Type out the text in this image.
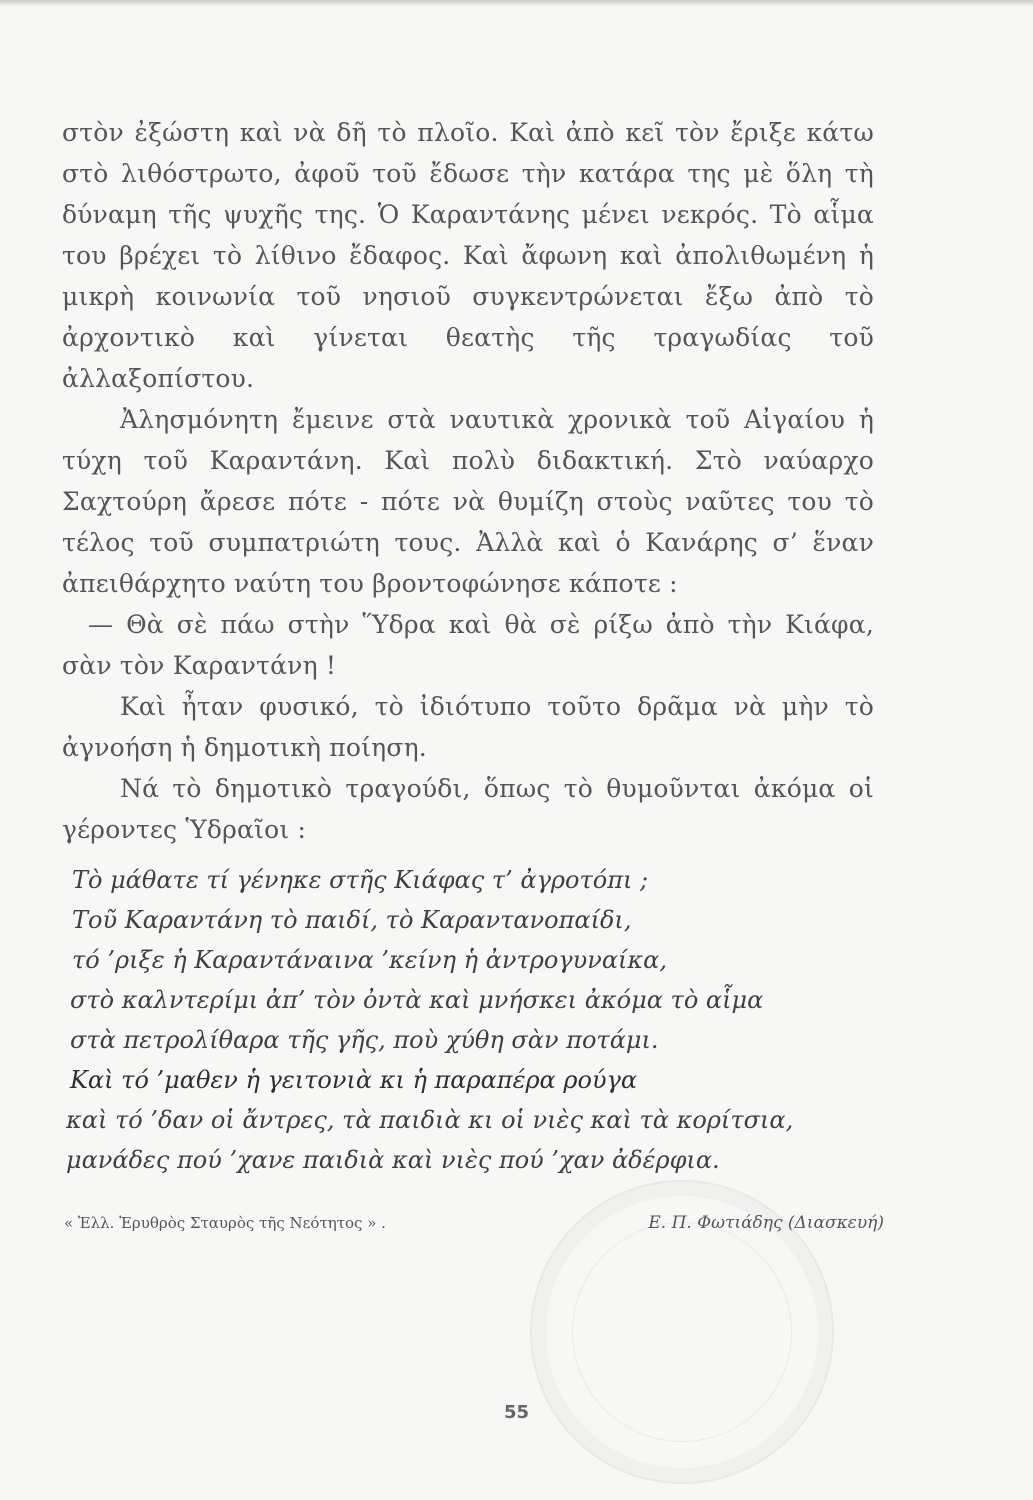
στὸν ἐξώστη καὶ νὰ δῆ τὸ πλοῖο. Καὶ ἀπὸ κεῖ τὸν ἔριξε κάτω στὸ λιθόστρωτο, ἀφοῦ τοῦ ἔδωσε τὴν κατάρα της μὲ ὅλη τὴ δύναμη τῆς ψυχῆς της. Ὁ Καραντάνης μένει νεκρός. Τὸ αἷμα του βρέχει τὸ λίθινο ἔδαφος. Καὶ ἄφωνη καὶ ἀπολιθωμένη ἡ μικρὴ κοινωνία τοῦ νησιοῦ συγκεντρώνεται ἔξω ἀπὸ τὸ ἀρχοντικὸ καὶ γίνεται θεατὴς τῆς τραγωδίας τοῦ ἀλλαξοπίστου.

Ἀλησμόνητη ἔμεινε στὰ ναυτικὰ χρονικὰ τοῦ Αἰγαίου ἡ τύχη τοῦ Καραντάνη. Καὶ πολὺ διδακτική. Στὸ ναύαρχο Σαχτούρη ἄρεσε πότε - πότε νὰ θυμίζη στοὺς ναῦτες του τὸ τέλος τοῦ συμπατριώτη τους. Ἀλλὰ καὶ ὁ Κανάρης σ’ ἕναν ἀπειθάρχητο ναύτη του βροντοφώνησε κάποτε :

— Θὰ σὲ πάω στὴν Ὕδρα καὶ θὰ σὲ ρίξω ἀπὸ τὴν Κιάφα, σὰν τὸν Καραντάνη !

Καὶ ἦταν φυσικό, τὸ ἰδιότυπο τοῦτο δρᾶμα νὰ μὴν τὸ ἀγνοήση ἡ δημοτικὴ ποίηση.

Νά τὸ δημοτικὸ τραγούδι, ὅπως τὸ θυμοῦνται ἀκόμα οἱ γέροντες Ὑδραῖοι :

Τὸ μάθατε τί γένηκε στῆς Κιάφας τ’ ἀγροτόπι ;
Τοῦ Καραντάνη τὸ παιδί, τὸ Καραντανοπαίδι,
τό ’ριξε ἡ Καραντάναινα ’κείνη ἡ ἀντρογυναίκα,
στὸ καλντερίμι ἀπ’ τὸν ὀντὰ καὶ μνήσκει ἀκόμα τὸ αἷμα
στὰ πετρολίθαρα τῆς γῆς, ποὺ χύθη σὰν ποτάμι.
Καὶ τό ’μαθεν ἡ γειτονιὰ κι ἡ παραπέρα ρούγα
καὶ τό ’δαν οἱ ἄντρες, τὰ παιδιὰ κι οἱ νιὲς καὶ τὰ κορίτσια,
μανάδες πού ’χανε παιδιὰ καὶ νιὲς πού ’χαν ἀδέρφια.
« Ἑλλ. Ἐρυθρὸς Σταυρὸς τῆς Νεότητος » .	Ε. Π. Φωτιάδης (Διασκευή)
55
